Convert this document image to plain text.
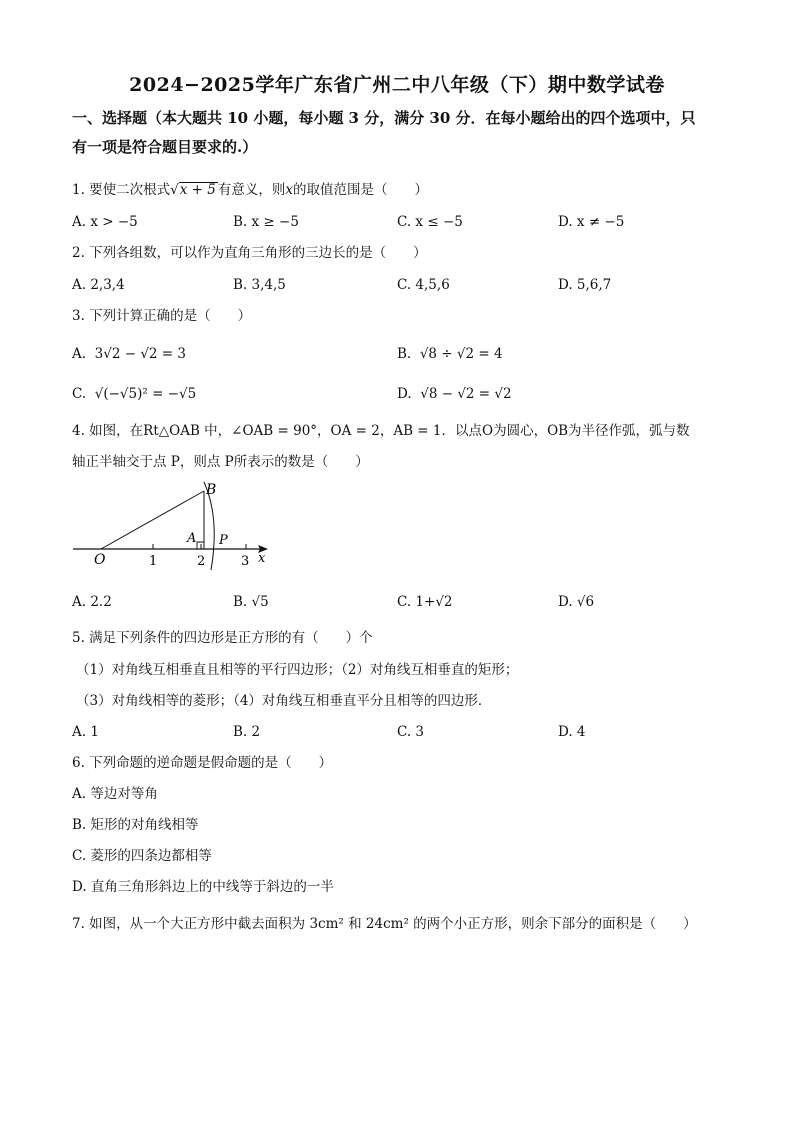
2024−2025学年广东省广州二中八年级（下）期中数学试卷
一、选择题（本大题共 10 小题，每小题 3 分，满分 30 分．在每小题给出的四个选项中，只
有一项是符合题目要求的.）
1. 要使二次根式√x + 5 有意义，则x的取值范围是（　　）
A. x > −5	B. x ≥ −5	C. x ≤ −5	D. x ≠ −5
2. 下列各组数，可以作为直角三角形的三边长的是（　　）
A. 2,3,4	B. 3,4,5	C. 4,5,6	D. 5,6,7
3. 下列计算正确的是（　　）
A. 3√2 − √2 = 3	B. √8 ÷ √2 = 4
C. √(−√5)² = −√5	D. √8 − √2 = √2
4. 如图，在Rt△OAB 中，∠OAB = 90°，OA = 2，AB = 1．以点O为圆心，OB为半径作弧，弧与数
轴正半轴交于点 P，则点 P所表示的数是（　　）
B
A
O
P
x
1	2	3
A. 2.2	B. √5	C. 1+√2	D. √6
5. 满足下列条件的四边形是正方形的有（　　）个
（1）对角线互相垂直且相等的平行四边形；（2）对角线互相垂直的矩形；
（3）对角线相等的菱形；（4）对角线互相垂直平分且相等的四边形．
A. 1	B. 2	C. 3	D. 4
6. 下列命题的逆命题是假命题的是（　　）
A. 等边对等角
B. 矩形的对角线相等
C. 菱形的四条边都相等
D. 直角三角形斜边上的中线等于斜边的一半
7. 如图，从一个大正方形中截去面积为 3cm² 和 24cm² 的两个小正方形，则余下部分的面积是（　　）
